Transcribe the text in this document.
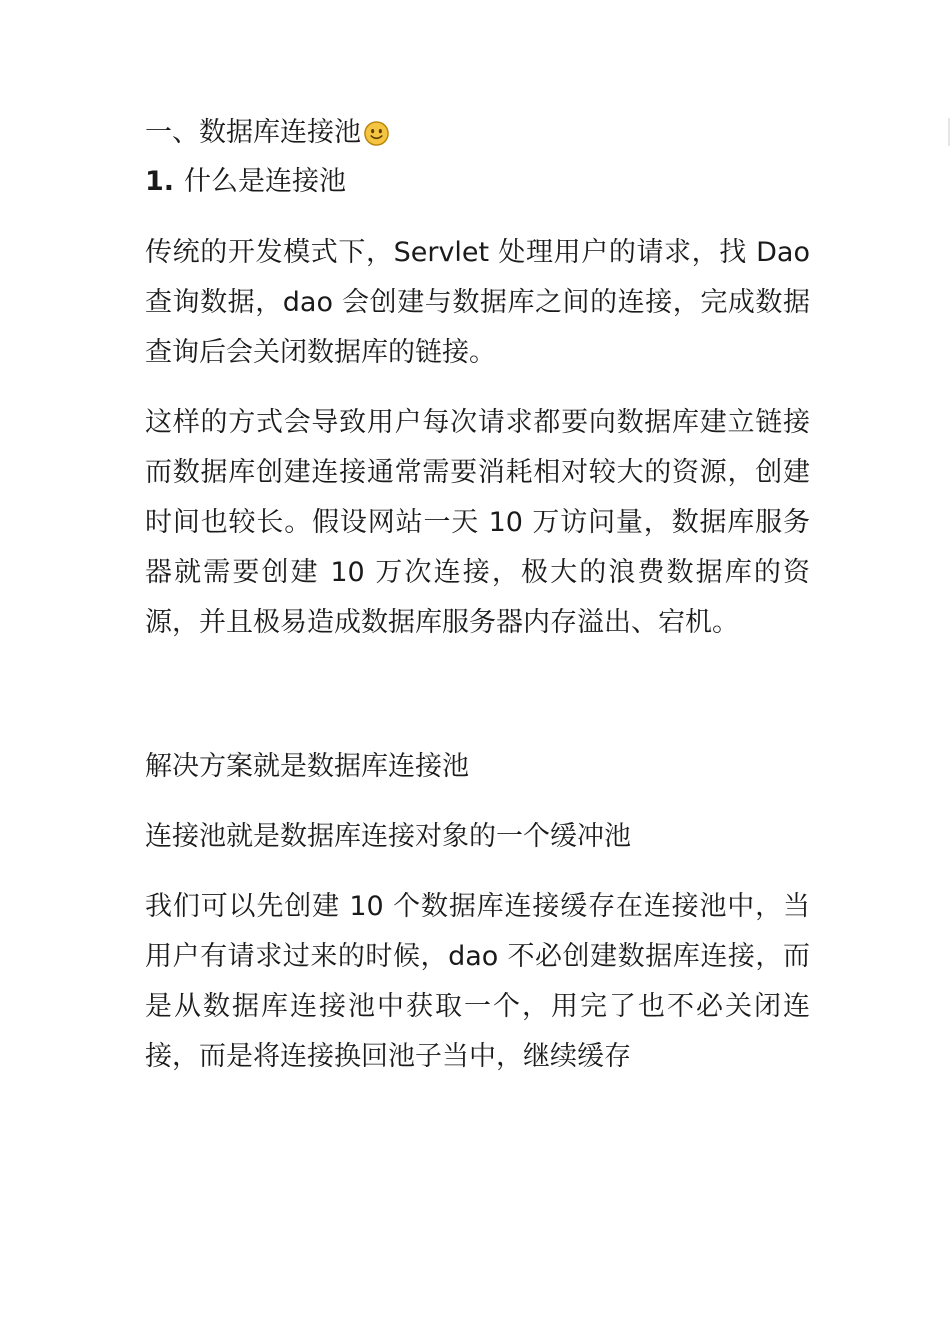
一、数据库连接池
1. 什么是连接池

传统的开发模式下，Servlet 处理用户的请求，找 Dao 查询数据，dao 会创建与数据库之间的连接，完成数据查询后会关闭数据库的链接。

这样的方式会导致用户每次请求都要向数据库建立链接而数据库创建连接通常需要消耗相对较大的资源，创建时间也较长。假设网站一天 10 万访问量，数据库服务器就需要创建 10 万次连接，极大的浪费数据库的资源，并且极易造成数据库服务器内存溢出、宕机。

解决方案就是数据库连接池

连接池就是数据库连接对象的一个缓冲池

我们可以先创建 10 个数据库连接缓存在连接池中，当用户有请求过来的时候，dao 不必创建数据库连接，而是从数据库连接池中获取一个，用完了也不必关闭连接，而是将连接换回池子当中，继续缓存
